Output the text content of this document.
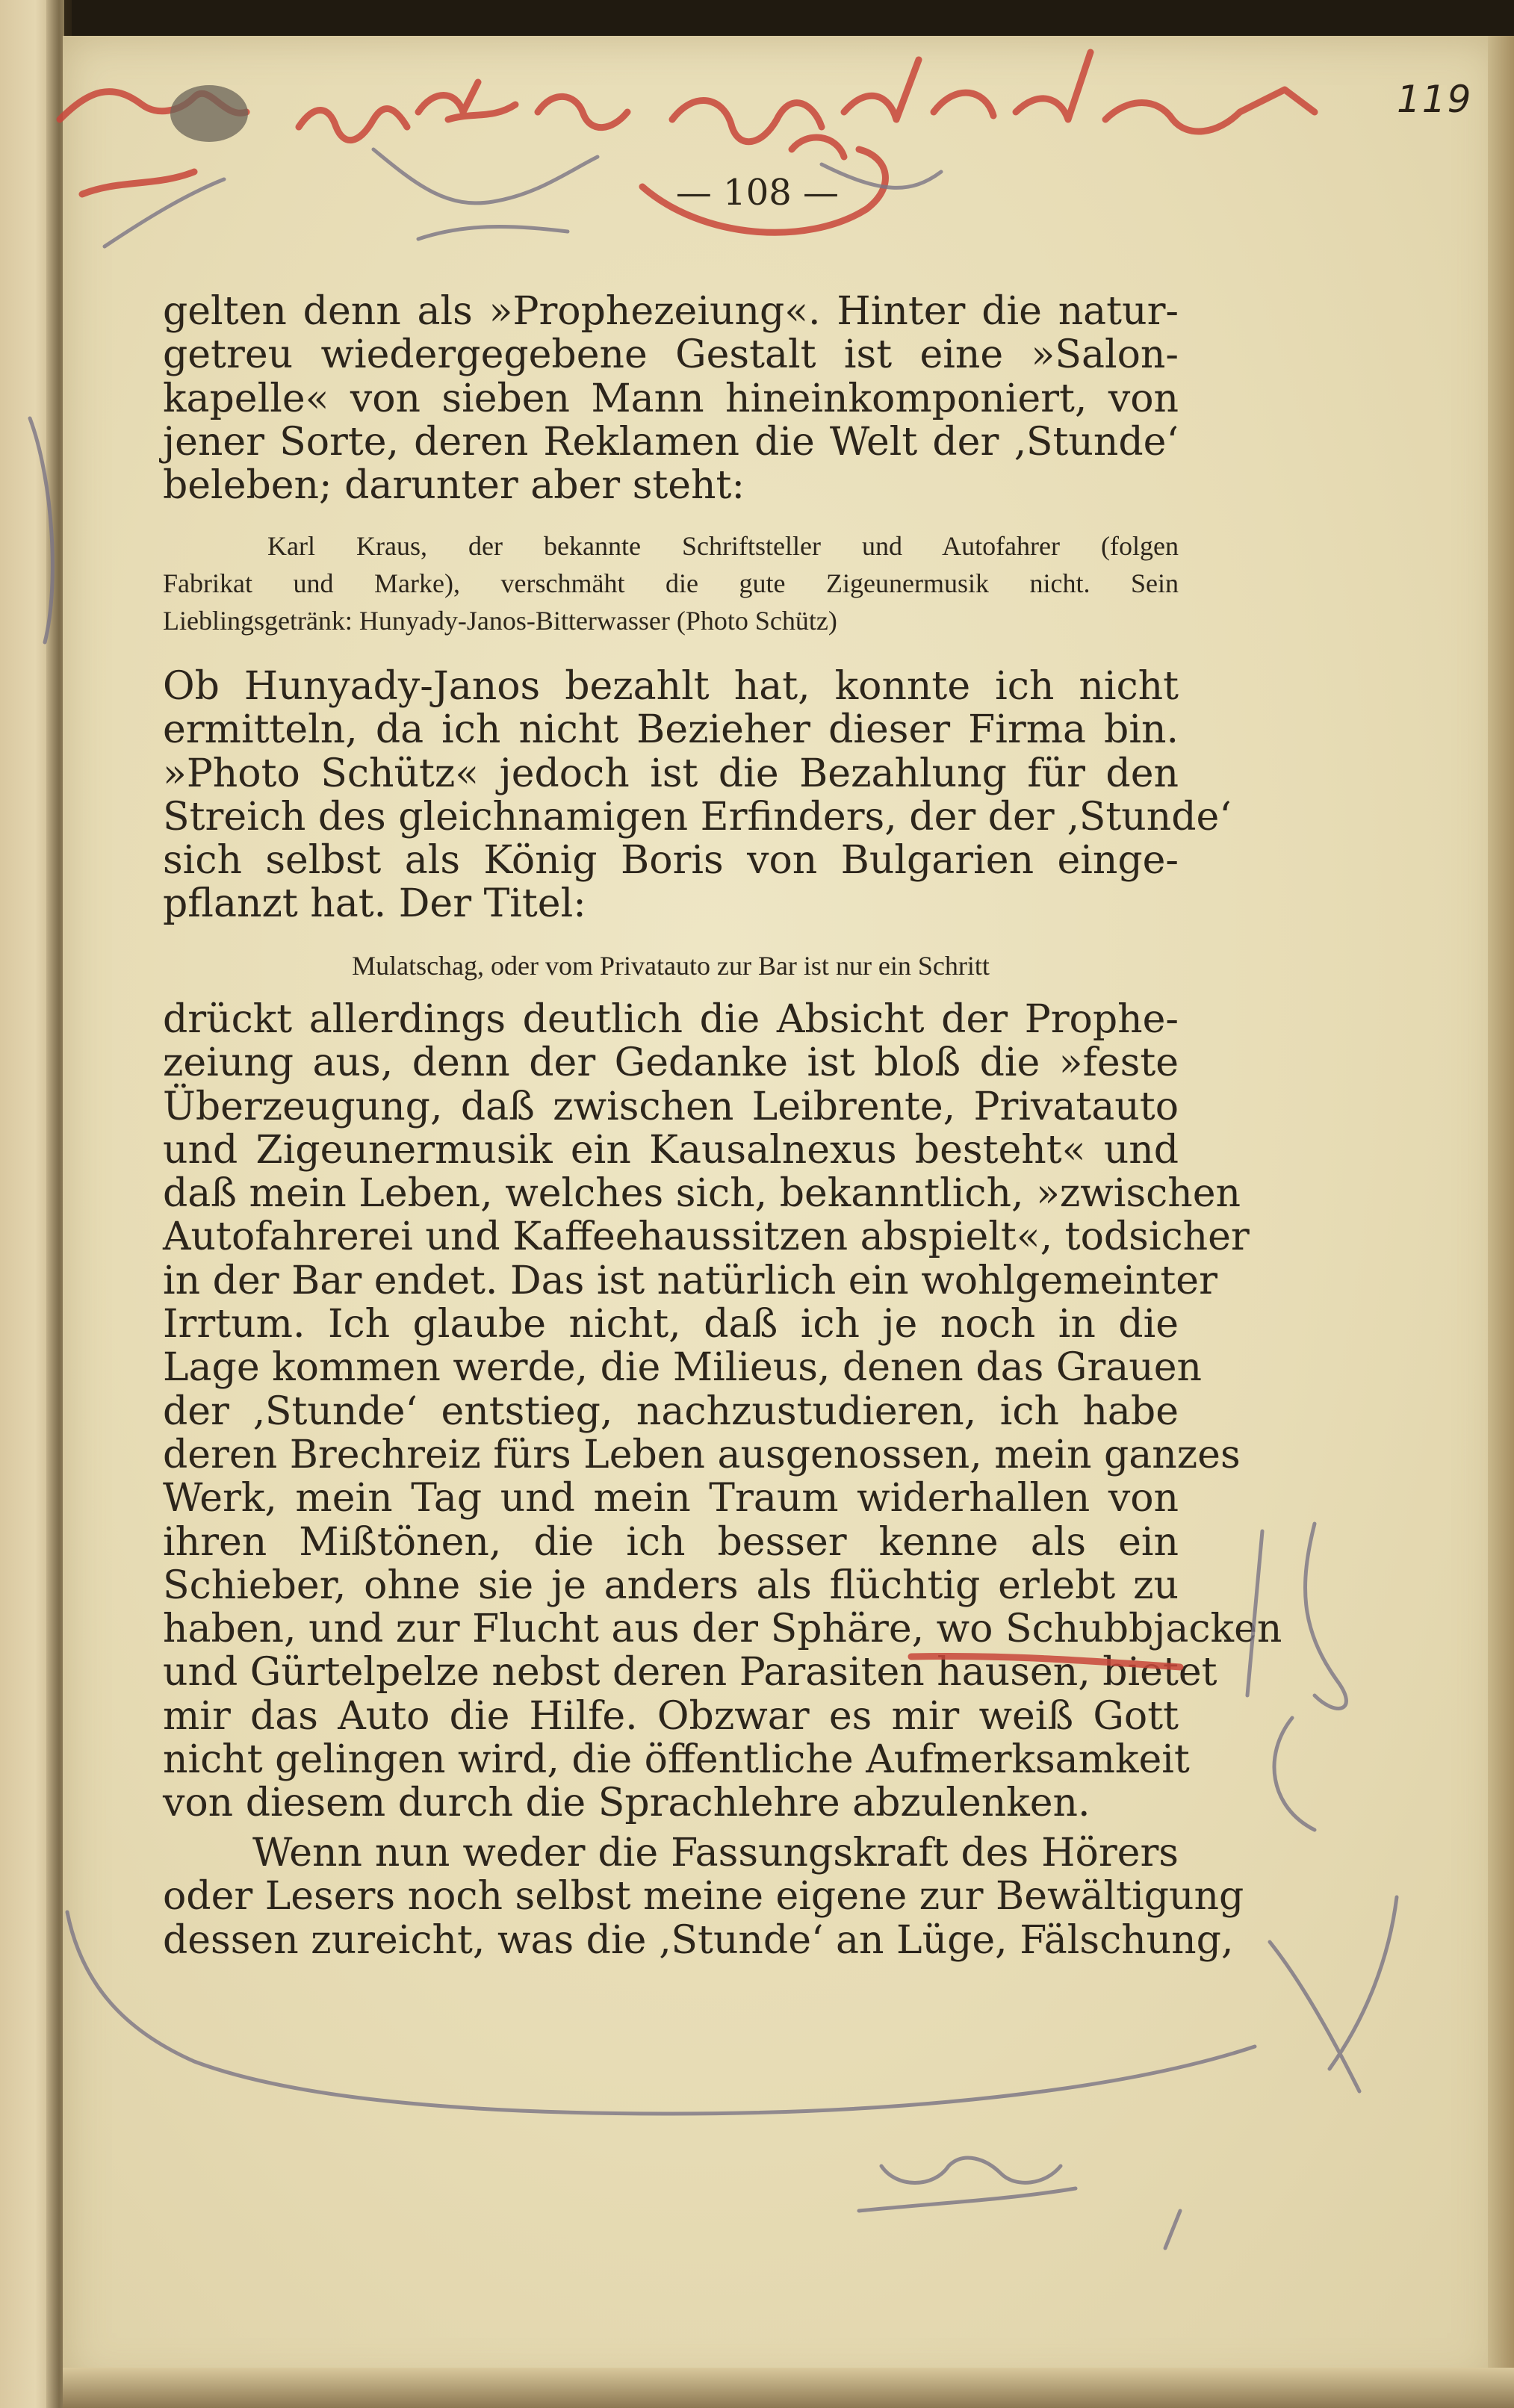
119
— 108 —
gelten denn als »Prophezeiung«. Hinter die natur-
getreu wiedergegebene Gestalt ist eine »Salon-
kapelle« von sieben Mann hineinkomponiert, von
jener Sorte, deren Reklamen die Welt der ‚Stunde‘
beleben; darunter aber steht:
Karl Kraus, der bekannte Schriftsteller und Autofahrer (folgen
Fabrikat und Marke), verschmäht die gute Zigeunermusik nicht. Sein
Lieblingsgetränk: Hunyady-Janos-Bitterwasser (Photo Schütz)
Ob Hunyady-Janos bezahlt hat, konnte ich nicht
ermitteln, da ich nicht Bezieher dieser Firma bin.
»Photo Schütz« jedoch ist die Bezahlung für den
Streich des gleichnamigen Erfinders, der der ‚Stunde‘
sich selbst als König Boris von Bulgarien einge-
pflanzt hat. Der Titel:
Mulatschag, oder vom Privatauto zur Bar ist nur ein Schritt
drückt allerdings deutlich die Absicht der Prophe-
zeiung aus, denn der Gedanke ist bloß die »feste
Überzeugung, daß zwischen Leibrente, Privatauto
und Zigeunermusik ein Kausalnexus besteht« und
daß mein Leben, welches sich, bekanntlich, »zwischen
Autofahrerei und Kaffeehaussitzen abspielt«, todsicher
in der Bar endet. Das ist natürlich ein wohlgemeinter
Irrtum. Ich glaube nicht, daß ich je noch in die
Lage kommen werde, die Milieus, denen das Grauen
der ‚Stunde‘ entstieg, nachzustudieren, ich habe
deren Brechreiz fürs Leben ausgenossen, mein ganzes
Werk, mein Tag und mein Traum widerhallen von
ihren Mißtönen, die ich besser kenne als ein
Schieber, ohne sie je anders als flüchtig erlebt zu
haben, und zur Flucht aus der Sphäre, wo Schubbjacken
und Gürtelpelze nebst deren Parasiten hausen, bietet
mir das Auto die Hilfe. Obzwar es mir weiß Gott
nicht gelingen wird, die öffentliche Aufmerksamkeit
von diesem durch die Sprachlehre abzulenken.
Wenn nun weder die Fassungskraft des Hörers
oder Lesers noch selbst meine eigene zur Bewältigung
dessen zureicht, was die ‚Stunde‘ an Lüge, Fälschung,
